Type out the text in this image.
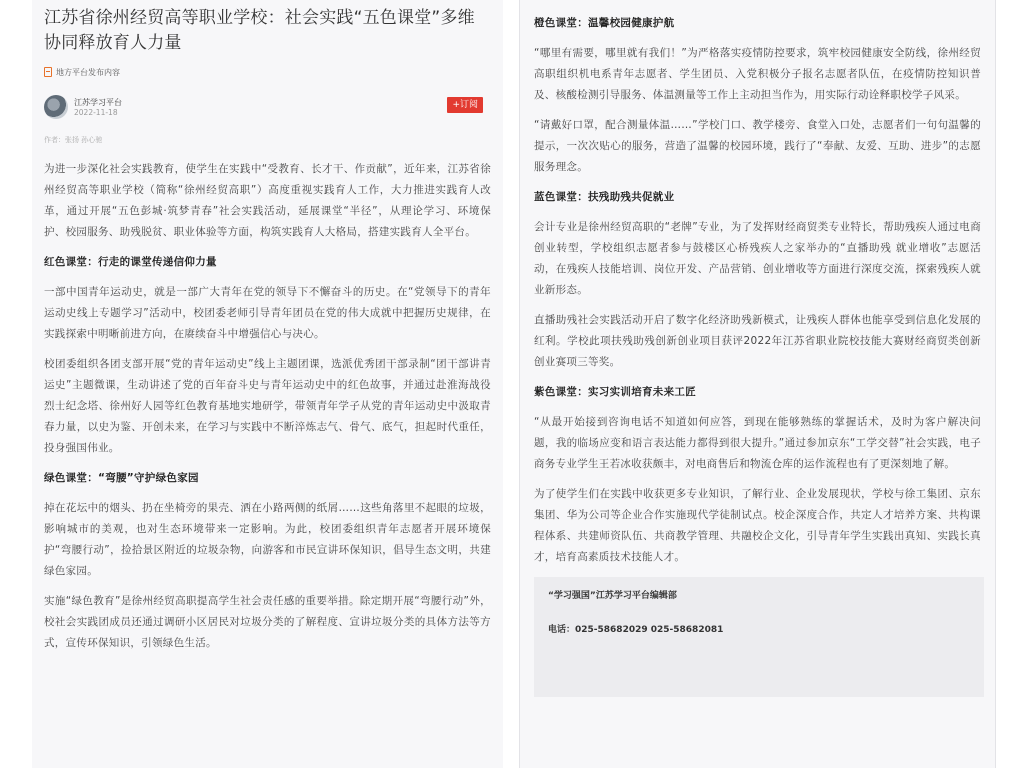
江苏省徐州经贸高等职业学校：社会实践“五色课堂”多维协同释放育人力量
地方平台发布内容
江苏学习平台
2022-11-18
+订阅
作者：张扬 孙心驰

为进一步深化社会实践教育，使学生在实践中“受教育、长才干、作贡献”，近年来，江苏省徐州经贸高等职业学校（简称“徐州经贸高职”）高度重视实践育人工作，大力推进实践育人改革，通过开展“五色彭城·筑梦青春”社会实践活动，延展课堂“半径”，从理论学习、环境保护、校园服务、助残脱贫、职业体验等方面，构筑实践育人大格局，搭建实践育人全平台。

红色课堂：行走的课堂传递信仰力量

一部中国青年运动史，就是一部广大青年在党的领导下不懈奋斗的历史。在“党领导下的青年运动史线上专题学习”活动中，校团委老师引导青年团员在党的伟大成就中把握历史规律，在实践探索中明晰前进方向，在赓续奋斗中增强信心与决心。

校团委组织各团支部开展“党的青年运动史”线上主题团课，选派优秀团干部录制“团干部讲青运史”主题微课，生动讲述了党的百年奋斗史与青年运动史中的红色故事，并通过赴淮海战役烈士纪念塔、徐州好人园等红色教育基地实地研学，带领青年学子从党的青年运动史中汲取青春力量，以史为鉴、开创未来，在学习与实践中不断淬炼志气、骨气、底气，担起时代重任，投身强国伟业。

绿色课堂：“弯腰”守护绿色家园

掉在花坛中的烟头、扔在坐椅旁的果壳、洒在小路两侧的纸屑……这些角落里不起眼的垃圾，影响城市的美观，也对生态环境带来一定影响。为此，校团委组织青年志愿者开展环境保护“弯腰行动”，捡拾景区附近的垃圾杂物，向游客和市民宣讲环保知识，倡导生态文明，共建绿色家园。

实施“绿色教育”是徐州经贸高职提高学生社会责任感的重要举措。除定期开展“弯腰行动”外，校社会实践团成员还通过调研小区居民对垃圾分类的了解程度、宣讲垃圾分类的具体方法等方式，宣传环保知识，引领绿色生活。

橙色课堂：温馨校园健康护航

“哪里有需要，哪里就有我们！”为严格落实疫情防控要求，筑牢校园健康安全防线，徐州经贸高职组织机电系青年志愿者、学生团员、入党积极分子报名志愿者队伍，在疫情防控知识普及、核酸检测引导服务、体温测量等工作上主动担当作为，用实际行动诠释职校学子风采。

“请戴好口罩，配合测量体温……”学校门口、教学楼旁、食堂入口处，志愿者们一句句温馨的提示，一次次贴心的服务，营造了温馨的校园环境，践行了“奉献、友爱、互助、进步”的志愿服务理念。

蓝色课堂：扶残助残共促就业

会计专业是徐州经贸高职的“老牌”专业，为了发挥财经商贸类专业特长，帮助残疾人通过电商创业转型，学校组织志愿者参与鼓楼区心桥残疾人之家举办的“直播助残 就业增收”志愿活动，在残疾人技能培训、岗位开发、产品营销、创业增收等方面进行深度交流，探索残疾人就业新形态。

直播助残社会实践活动开启了数字化经济助残新模式，让残疾人群体也能享受到信息化发展的红利。学校此项扶残助残创新创业项目获评2022年江苏省职业院校技能大赛财经商贸类创新创业赛项三等奖。

紫色课堂：实习实训培育未来工匠

“从最开始接到咨询电话不知道如何应答，到现在能够熟练的掌握话术，及时为客户解决问题，我的临场应变和语言表达能力都得到很大提升。”通过参加京东“工学交替”社会实践，电子商务专业学生王若冰收获颇丰，对电商售后和物流仓库的运作流程也有了更深刻地了解。

为了使学生们在实践中收获更多专业知识，了解行业、企业发展现状，学校与徐工集团、京东集团、华为公司等企业合作实施现代学徒制试点。校企深度合作，共定人才培养方案、共构课程体系、共建师资队伍、共商教学管理、共融校企文化，引导青年学生实践出真知、实践长真才，培育高素质技术技能人才。

“学习强国”江苏学习平台编辑部

电话：025-58682029 025-58682081
